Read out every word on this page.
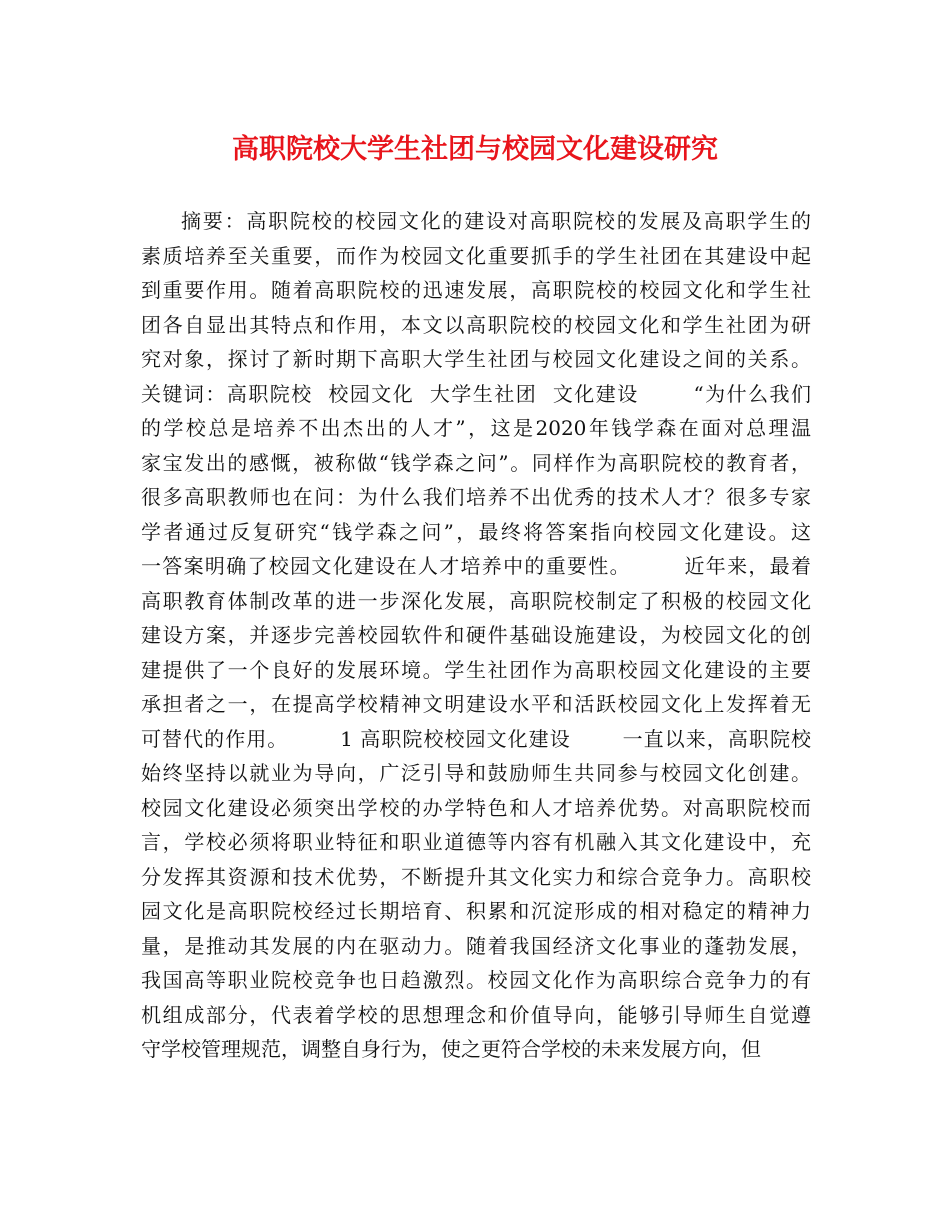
高职院校大学生社团与校园文化建设研究
摘要：高职院校的校园文化的建设对高职院校的发展及高职学生的
素质培养至关重要，而作为校园文化重要抓手的学生社团在其建设中起
到重要作用。随着高职院校的迅速发展，高职院校的校园文化和学生社
团各自显出其特点和作用，本文以高职院校的校园文化和学生社团为研
究对象，探讨了新时期下高职大学生社团与校园文化建设之间的关系。
关键词：高职院校  校园文化  大学生社团  文化建设       “为什么我们
的学校总是培养不出杰出的人才”，这是2020年钱学森在面对总理温
家宝发出的感慨，被称做“钱学森之问”。同样作为高职院校的教育者，
很多高职教师也在问：为什么我们培养不出优秀的技术人才？很多专家
学者通过反复研究“钱学森之问”，最终将答案指向校园文化建设。这
一答案明确了校园文化建设在人才培养中的重要性。       近年来，最着
高职教育体制改革的进一步深化发展，高职院校制定了积极的校园文化
建设方案，并逐步完善校园软件和硬件基础设施建设，为校园文化的创
建提供了一个良好的发展环境。学生社团作为高职校园文化建设的主要
承担者之一，在提高学校精神文明建设水平和活跃校园文化上发挥着无
可替代的作用。       1 高职院校校园文化建设       一直以来，高职院校
始终坚持以就业为导向，广泛引导和鼓励师生共同参与校园文化创建。
校园文化建设必须突出学校的办学特色和人才培养优势。对高职院校而
言，学校必须将职业特征和职业道德等内容有机融入其文化建设中，充
分发挥其资源和技术优势，不断提升其文化实力和综合竞争力。高职校
园文化是高职院校经过长期培育、积累和沉淀形成的相对稳定的精神力
量，是推动其发展的内在驱动力。随着我国经济文化事业的蓬勃发展，
我国高等职业院校竞争也日趋激烈。校园文化作为高职综合竞争力的有
机组成部分，代表着学校的思想理念和价值导向，能够引导师生自觉遵
守学校管理规范，调整自身行为，使之更符合学校的未来发展方向，但
